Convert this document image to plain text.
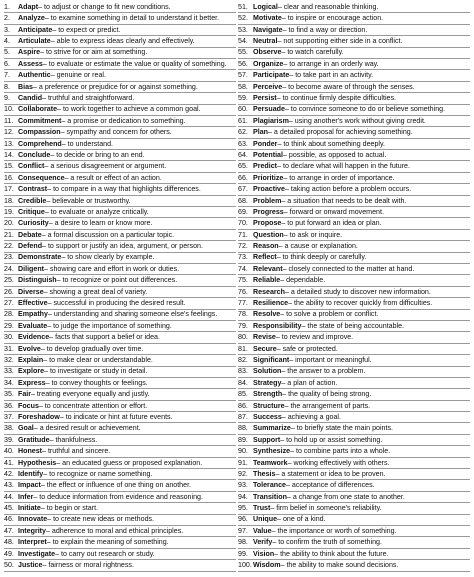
1.	Adapt – to adjust or change to fit new conditions.
2.	Analyze – to examine something in detail to understand it better.
3.	Anticipate – to expect or predict.
4.	Articulate – able to express ideas clearly and effectively.
5.	Aspire – to strive for or aim at something.
6.	Assess – to evaluate or estimate the value or quality of something.
7.	Authentic – genuine or real.
8.	Bias – a preference or prejudice for or against something.
9.	Candid – truthful and straightforward.
10. Collaborate – to work together to achieve a common goal.
11. Commitment – a promise or dedication to something.
12. Compassion – sympathy and concern for others.
13. Comprehend – to understand.
14. Conclude – to decide or bring to an end.
15. Conflict – a serious disagreement or argument.
16. Consequence – a result or effect of an action.
17. Contrast – to compare in a way that highlights differences.
18. Credible – believable or trustworthy.
19. Critique – to evaluate or analyze critically.
20. Curiosity – a desire to learn or know more.
21. Debate – a formal discussion on a particular topic.
22. Defend – to support or justify an idea, argument, or person.
23. Demonstrate – to show clearly by example.
24. Diligent – showing care and effort in work or duties.
25. Distinguish – to recognize or point out differences.
26. Diverse – showing a great deal of variety.
27. Effective – successful in producing the desired result.
28. Empathy – understanding and sharing someone else's feelings.
29. Evaluate – to judge the importance of something.
30. Evidence – facts that support a belief or idea.
31. Evolve – to develop gradually over time.
32. Explain – to make clear or understandable.
33. Explore – to investigate or study in detail.
34. Express – to convey thoughts or feelings.
35. Fair – treating everyone equally and justly.
36. Focus – to concentrate attention or effort.
37. Foreshadow – to indicate or hint at future events.
38. Goal – a desired result or achievement.
39. Gratitude – thankfulness.
40. Honest – truthful and sincere.
41. Hypothesis – an educated guess or proposed explanation.
42. Identify – to recognize or name something.
43. Impact – the effect or influence of one thing on another.
44. Infer – to deduce information from evidence and reasoning.
45. Initiate – to begin or start.
46. Innovate – to create new ideas or methods.
47. Integrity – adherence to moral and ethical principles.
48. Interpret – to explain the meaning of something.
49. Investigate – to carry out research or study.
50. Justice – fairness or moral rightness.
51. Logical – clear and reasonable thinking.
52. Motivate – to inspire or encourage action.
53. Navigate – to find a way or direction.
54. Neutral – not supporting either side in a conflict.
55. Observe – to watch carefully.
56. Organize – to arrange in an orderly way.
57. Participate – to take part in an activity.
58. Perceive – to become aware of through the senses.
59. Persist – to continue firmly despite difficulties.
60. Persuade – to convince someone to do or believe something.
61. Plagiarism – using another's work without giving credit.
62. Plan – a detailed proposal for achieving something.
63. Ponder – to think about something deeply.
64. Potential – possible, as opposed to actual.
65. Predict – to declare what will happen in the future.
66. Prioritize – to arrange in order of importance.
67. Proactive – taking action before a problem occurs.
68. Problem – a situation that needs to be dealt with.
69. Progress – forward or onward movement.
70. Propose – to put forward an idea or plan.
71. Question – to ask or inquire.
72. Reason – a cause or explanation.
73. Reflect – to think deeply or carefully.
74. Relevant – closely connected to the matter at hand.
75. Reliable – dependable.
76. Research – a detailed study to discover new information.
77. Resilience – the ability to recover quickly from difficulties.
78. Resolve – to solve a problem or conflict.
79. Responsibility – the state of being accountable.
80. Revise – to review and improve.
81. Secure – safe or protected.
82. Significant – important or meaningful.
83. Solution – the answer to a problem.
84. Strategy – a plan of action.
85. Strength – the quality of being strong.
86. Structure – the arrangement of parts.
87. Success – achieving a goal.
88. Summarize – to briefly state the main points.
89. Support – to hold up or assist something.
90. Synthesize – to combine parts into a whole.
91. Teamwork – working effectively with others.
92. Thesis – a statement or idea to be proven.
93. Tolerance – acceptance of differences.
94. Transition – a change from one state to another.
95. Trust – firm belief in someone's reliability.
96. Unique – one of a kind.
97. Value – the importance or worth of something.
98. Verify – to confirm the truth of something.
99. Vision – the ability to think about the future.
100. Wisdom – the ability to make sound decisions.
